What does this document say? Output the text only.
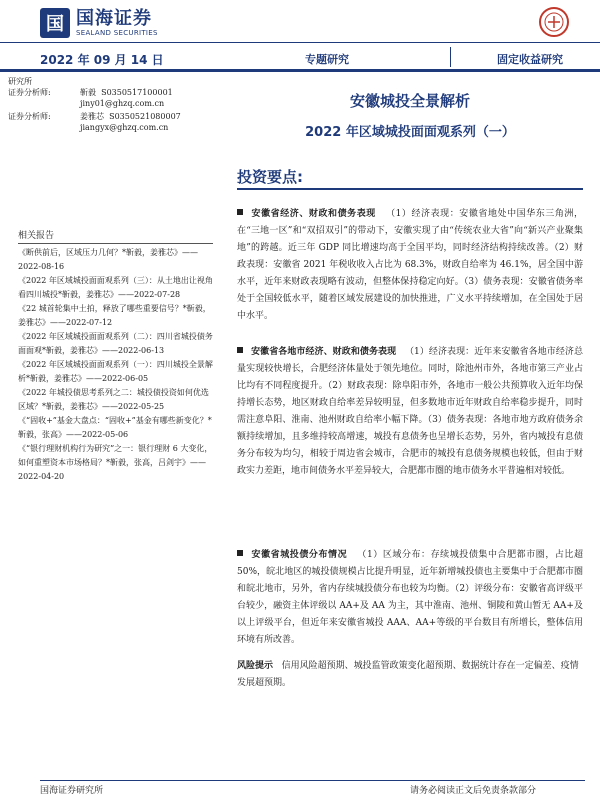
国 国海证券
SEALAND SECURITIES
2022 年 09 月 14 日	专题研究	固定收益研究
研究所
证券分析师:	靳毅
S0350517100001
jiny01@ghzq.com.cn
证券分析师:	姜雅芯
S0350521080007
jiangyx@ghzq.com.cn
安徽城投全景解析
2022 年区域城投面面观系列（一）
相关报告
《断供前后，区域压力几何？*靳毅，姜雅芯》——2022-08-16
《2022 年区域城投面面观系列（三）：从土地出让视角看四川城投*靳毅，姜雅芯》——2022-07-28
《22 城首轮集中土拍，释放了哪些重要信号？*靳毅，姜雅芯》——2022-07-12
《2022 年区域城投面面观系列（二）：四川省城投债务面面观*靳毅，姜雅芯》——2022-06-13
《2022 年区域城投面面观系列（一）：四川城投全景解析*靳毅，姜雅芯》——2022-06-05
《2022 年城投债思考系列之二：城投债投资如何优选区域？*靳毅，姜雅芯》——2022-05-25
《“固收+”基金大盘点：“固收+”基金有哪些新变化？*靳毅，张高》——2022-05-06
《“银行理财机构行为研究”之一：银行理财 6 大变化，如何重塑资本市场格局？*靳毅，张高，吕剑宇》——2022-04-20
投资要点:
安徽省经济、财政和债务表现 （1）经济表现：安徽省地处中国华东三角洲，在“三地一区”和“双招双引”的带动下，安徽实现了由“传统农业大省”向“新兴产业聚集地”的跨越。近三年 GDP 同比增速均高于全国平均，同时经济结构持续改善。（2）财政表现：安徽省 2021 年税收收入占比为 68.3%，财政自给率为 46.1%，居全国中游水平，近年来财政表现略有波动，但整体保持稳定向好。（3）债务表现：安徽省债务率处于全国较低水平，随着区域发展建设的加快推进，广义水平持续增加，在全国处于居中水平。
安徽省各地市经济、财政和债务表现 （1）经济表现：近年来安徽省各地市经济总量实现较快增长，合肥经济体量处于领先地位。同时，除池州市外，各地市第三产业占比均有不同程度提升。（2）财政表现：除阜阳市外，各地市一般公共预算收入近年均保持增长态势，地区财政自给率差异较明显，但多数地市近年财政自给率稳步提升，同时需注意阜阳、淮南、池州财政自给率小幅下降。（3）债务表现：各地市地方政府债务余额持续增加，且多维持较高增速，城投有息债务也呈增长态势，另外，省内城投有息债务分布较为均匀，相较于周边省会城市，合肥市的城投有息债务规模也较低，但由于财政实力差距，地市间债务水平差异较大，合肥都市圈的地市债务水平普遍相对较低。
安徽省城投债分布情况 （1）区域分布：存续城投债集中合肥都市圈，占比超 50%，皖北地区的城投债规模占比提升明显，近年新增城投债也主要集中于合肥都市圈和皖北地市，另外，省内存续城投债分布也较为均衡。（2）评级分布：安徽省高评级平台较少，融资主体评级以 AA+及 AA 为主，其中淮南、池州、铜陵和黄山暂无 AA+及以上评级平台，但近年来安徽省城投 AAA、AA+等级的平台数目有所增长，整体信用环境有所改善。
风险提示 信用风险超预期、城投监管政策变化超预期、数据统计存在一定偏差、疫情发展超预期。
国海证券研究所	请务必阅读正文后免责条款部分
